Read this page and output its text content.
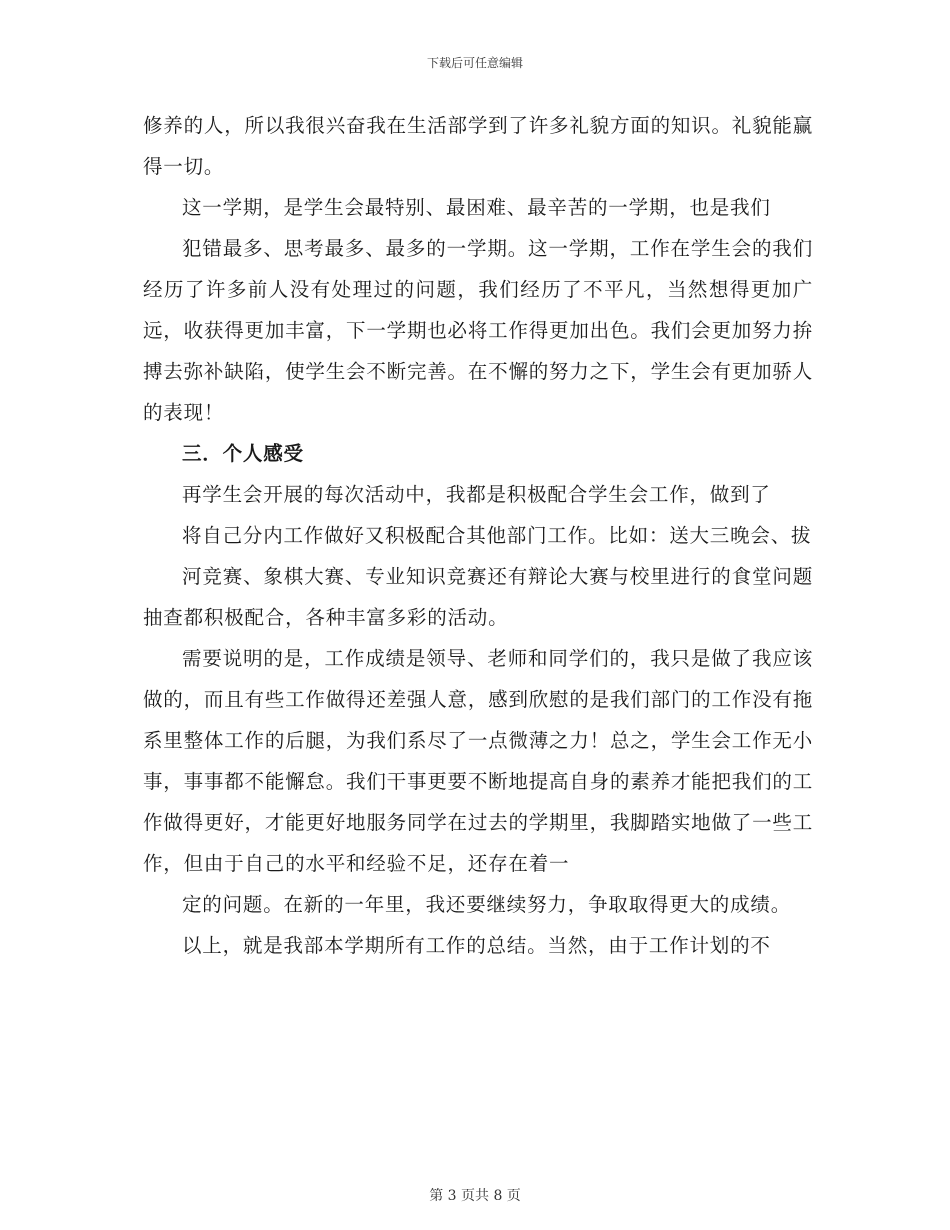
下载后可任意编辑

修养的人，所以我很兴奋我在生活部学到了许多礼貌方面的知识。礼貌能赢得一切。

这一学期，是学生会最特别、最困难、最辛苦的一学期，也是我们

犯错最多、思考最多、最多的一学期。这一学期，工作在学生会的我们经历了许多前人没有处理过的问题，我们经历了不平凡，当然想得更加广远，收获得更加丰富，下一学期也必将工作得更加出色。我们会更加努力拚搏去弥补缺陷，使学生会不断完善。在不懈的努力之下，学生会有更加骄人的表现！

三．个人感受

再学生会开展的每次活动中，我都是积极配合学生会工作，做到了

将自己分内工作做好又积极配合其他部门工作。比如：送大三晚会、拔

河竞赛、象棋大赛、专业知识竞赛还有辩论大赛与校里进行的食堂问题抽查都积极配合，各种丰富多彩的活动。

需要说明的是，工作成绩是领导、老师和同学们的，我只是做了我应该做的，而且有些工作做得还差强人意，感到欣慰的是我们部门的工作没有拖系里整体工作的后腿，为我们系尽了一点微薄之力！总之，学生会工作无小事，事事都不能懈怠。我们干事更要不断地提高自身的素养才能把我们的工作做得更好，才能更好地服务同学在过去的学期里，我脚踏实地做了一些工作，但由于自己的水平和经验不足，还存在着一

定的问题。在新的一年里，我还要继续努力，争取取得更大的成绩。

以上，就是我部本学期所有工作的总结。当然，由于工作计划的不

第 3 页共 8 页
